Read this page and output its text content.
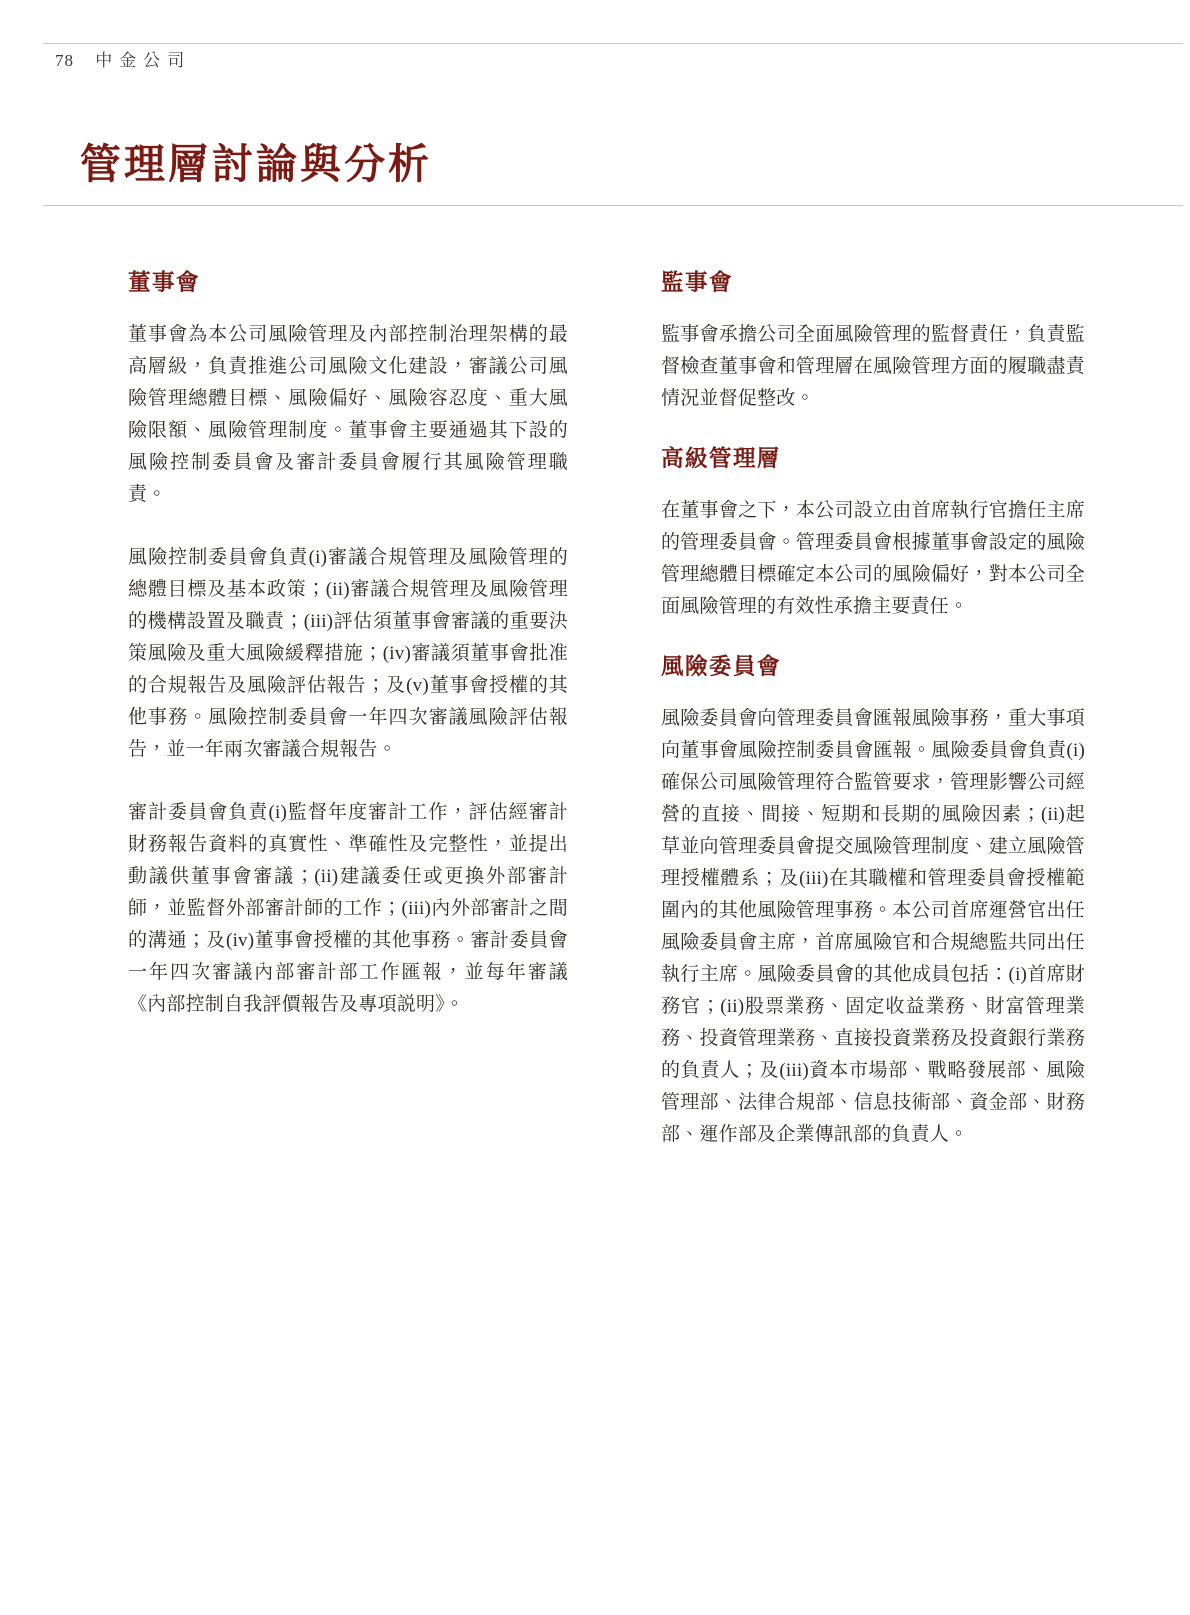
78 中金公司
管理層討論與分析
董事會

董事會為本公司風險管理及內部控制治理架構的最高層級，負責推進公司風險文化建設，審議公司風險管理總體目標、風險偏好、風險容忍度、重大風險限額、風險管理制度。董事會主要通過其下設的風險控制委員會及審計委員會履行其風險管理職責。

風險控制委員會負責(i)審議合規管理及風險管理的總體目標及基本政策；(ii)審議合規管理及風險管理的機構設置及職責；(iii)評估須董事會審議的重要決策風險及重大風險緩釋措施；(iv)審議須董事會批准的合規報告及風險評估報告；及(v)董事會授權的其他事務。風險控制委員會一年四次審議風險評估報告，並一年兩次審議合規報告。

審計委員會負責(i)監督年度審計工作，評估經審計財務報告資料的真實性、準確性及完整性，並提出動議供董事會審議；(ii)建議委任或更換外部審計師，並監督外部審計師的工作；(iii)內外部審計之間的溝通；及(iv)董事會授權的其他事務。審計委員會一年四次審議內部審計部工作匯報，並每年審議《內部控制自我評價報告及專項説明》。

監事會

監事會承擔公司全面風險管理的監督責任，負責監督檢查董事會和管理層在風險管理方面的履職盡責情況並督促整改。

高級管理層

在董事會之下，本公司設立由首席執行官擔任主席的管理委員會。管理委員會根據董事會設定的風險管理總體目標確定本公司的風險偏好，對本公司全面風險管理的有效性承擔主要責任。

風險委員會

風險委員會向管理委員會匯報風險事務，重大事項向董事會風險控制委員會匯報。風險委員會負責(i)確保公司風險管理符合監管要求，管理影響公司經營的直接、間接、短期和長期的風險因素；(ii)起草並向管理委員會提交風險管理制度、建立風險管理授權體系；及(iii)在其職權和管理委員會授權範圍內的其他風險管理事務。本公司首席運營官出任風險委員會主席，首席風險官和合規總監共同出任執行主席。風險委員會的其他成員包括：(i)首席財務官；(ii)股票業務、固定收益業務、財富管理業務、投資管理業務、直接投資業務及投資銀行業務的負責人；及(iii)資本市場部、戰略發展部、風險管理部、法律合規部、信息技術部、資金部、財務部、運作部及企業傳訊部的負責人。
